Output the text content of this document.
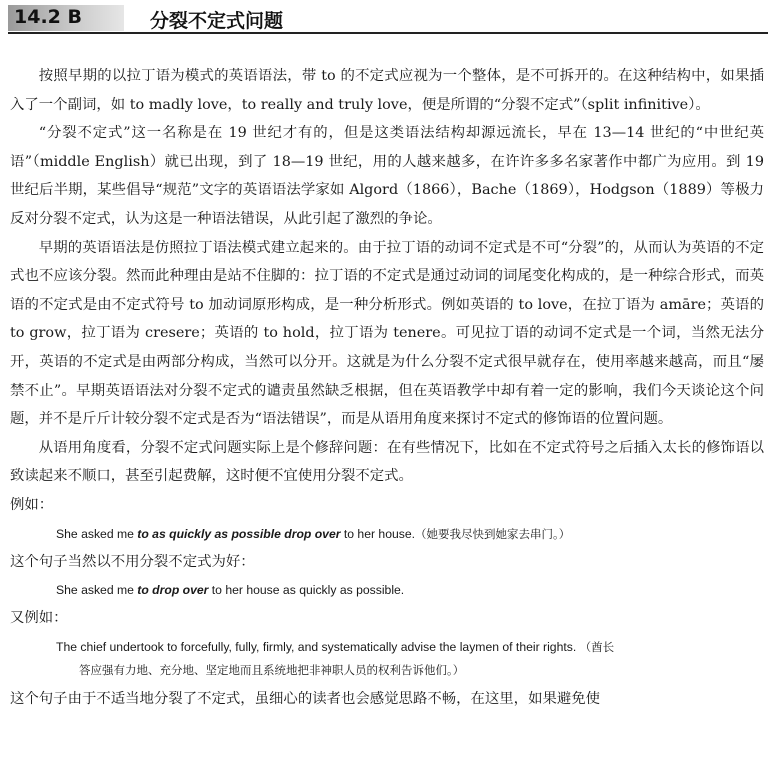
14.2 B	分裂不定式问题

按照早期的以拉丁语为模式的英语语法，带 to 的不定式应视为一个整体，是不可拆开的。在这种结构中，如果插入了一个副词，如 to madly love，to really and truly love，便是所谓的“分裂不定式”（split infinitive）。

“分裂不定式”这一名称是在 19 世纪才有的，但是这类语法结构却源远流长，早在 13—14 世纪的“中世纪英语”（middle English）就已出现，到了 18—19 世纪，用的人越来越多，在许许多多名家著作中都广为应用。到 19 世纪后半期，某些倡导“规范”文字的英语语法学家如 Algord（1866），Bache（1869），Hodgson（1889）等极力反对分裂不定式，认为这是一种语法错误，从此引起了激烈的争论。

早期的英语语法是仿照拉丁语法模式建立起来的。由于拉丁语的动词不定式是不可“分裂”的，从而认为英语的不定式也不应该分裂。然而此种理由是站不住脚的：拉丁语的不定式是通过动词的词尾变化构成的，是一种综合形式，而英语的不定式是由不定式符号 to 加动词原形构成，是一种分析形式。例如英语的 to love，在拉丁语为 amāre；英语的 to grow，拉丁语为 cresere；英语的 to hold，拉丁语为 tenere。可见拉丁语的动词不定式是一个词，当然无法分开，英语的不定式是由两部分构成，当然可以分开。这就是为什么分裂不定式很早就存在，使用率越来越高，而且“屡禁不止”。早期英语语法对分裂不定式的谴责虽然缺乏根据，但在英语教学中却有着一定的影响，我们今天谈论这个问题，并不是斤斤计较分裂不定式是否为“语法错误”，而是从语用角度来探讨不定式的修饰语的位置问题。

从语用角度看，分裂不定式问题实际上是个修辞问题：在有些情况下，比如在不定式符号之后插入太长的修饰语以致读起来不顺口，甚至引起费解，这时便不宜使用分裂不定式。

例如：

She asked me to as quickly as possible drop over to her house.（她要我尽快到她家去串门。）

这个句子当然以不用分裂不定式为好：

She asked me to drop over to her house as quickly as possible.

又例如：

The chief undertook to forcefully, fully, firmly, and systematically advise the laymen of their rights. （酋长
答应强有力地、充分地、坚定地而且系统地把非神职人员的权利告诉他们。）

这个句子由于不适当地分裂了不定式，虽细心的读者也会感觉思路不畅，在这里，如果避免使
